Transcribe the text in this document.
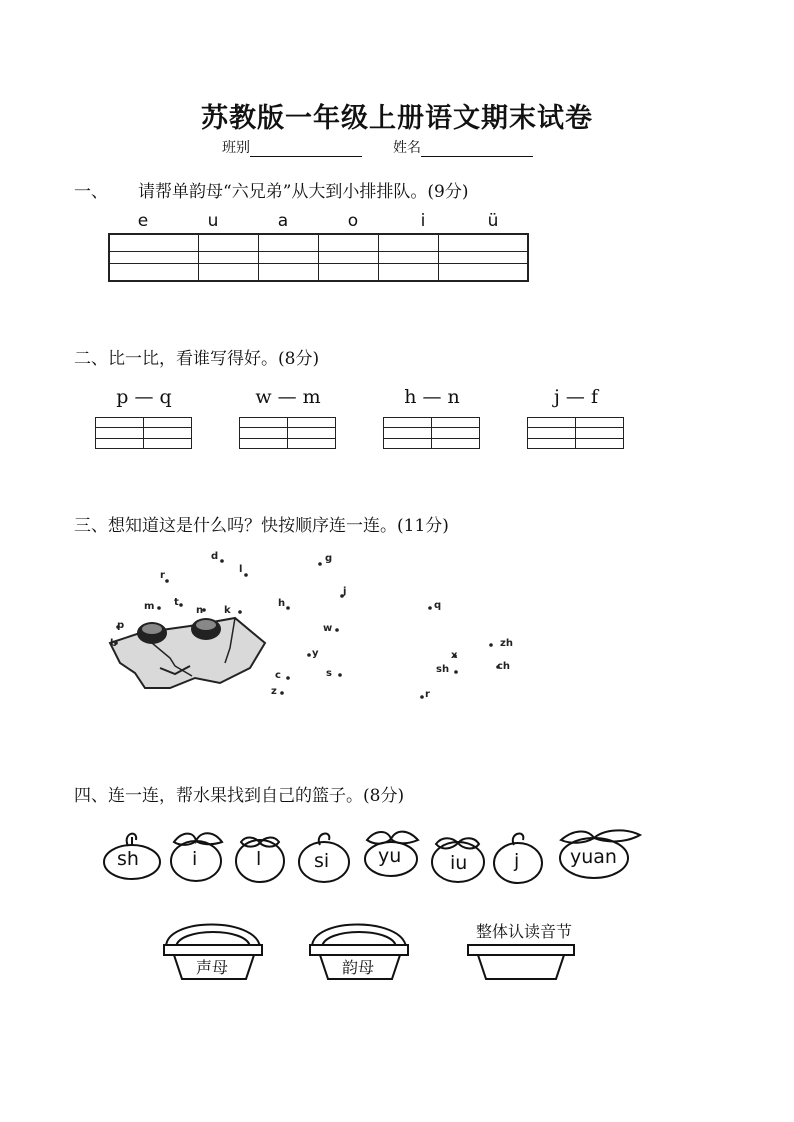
苏教版一年级上册语文期末试卷
班别	姓名
一、 请帮单韵母“六兄弟”从大到小排排队。(9分)
e	u	a	o	i	ü

二、比一比，看谁写得好。(8分)
p — q	w — m	h — n	j — f

三、想知道这是什么吗？快按顺序连一连。(11分)
d	g
l
r
j
m t
n k
h	q
p
b
w
zh
y	x
ch
c	s	sh
z	r
四、连一连，帮水果找到自己的篮子。(8分)
sh	i	l	si	yu	iu j	yuan
声母	韵母
整体认读音节
